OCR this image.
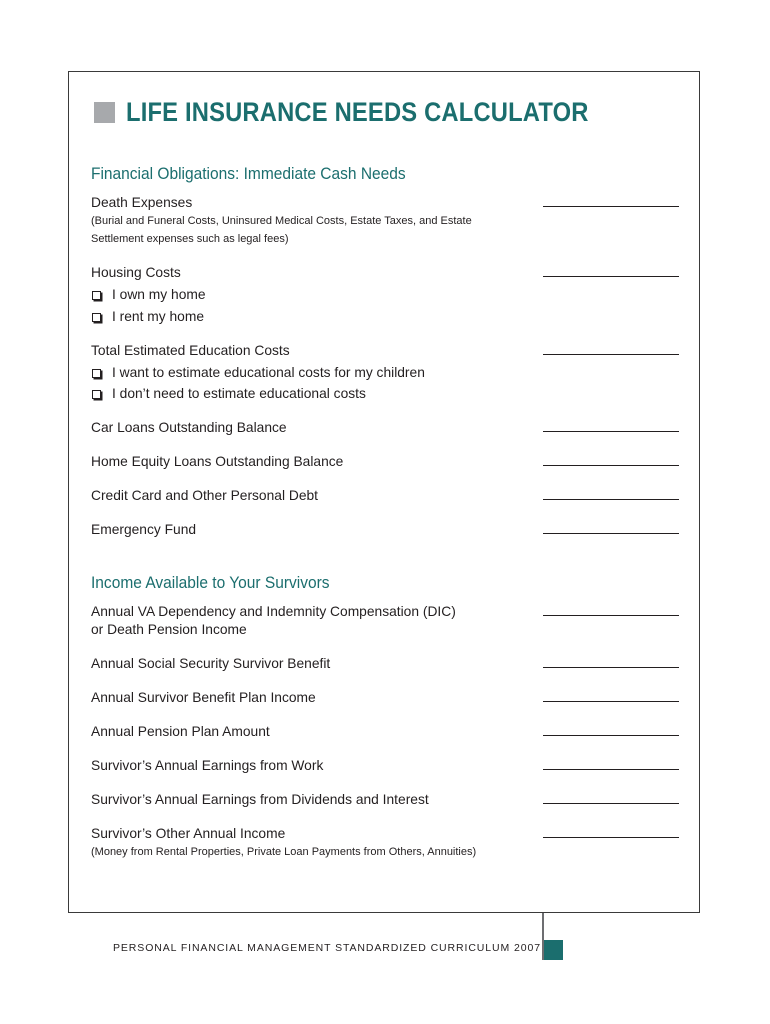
LIFE INSURANCE NEEDS CALCULATOR
Financial Obligations: Immediate Cash Needs
Death Expenses
(Burial and Funeral Costs, Uninsured Medical Costs, Estate Taxes, and Estate
Settlement expenses such as legal fees)
Housing Costs
I own my home
I rent my home
Total Estimated Education Costs
I want to estimate educational costs for my children
I don’t need to estimate educational costs
Car Loans Outstanding Balance
Home Equity Loans Outstanding Balance
Credit Card and Other Personal Debt
Emergency Fund
Income Available to Your Survivors
Annual VA Dependency and Indemnity Compensation (DIC)
or Death Pension Income
Annual Social Security Survivor Benefit
Annual Survivor Benefit Plan Income
Annual Pension Plan Amount
Survivor’s Annual Earnings from Work
Survivor’s Annual Earnings from Dividends and Interest
Survivor’s Other Annual Income
(Money from Rental Properties, Private Loan Payments from Others, Annuities)
PERSONAL FINANCIAL MANAGEMENT STANDARDIZED CURRICULUM 2007
